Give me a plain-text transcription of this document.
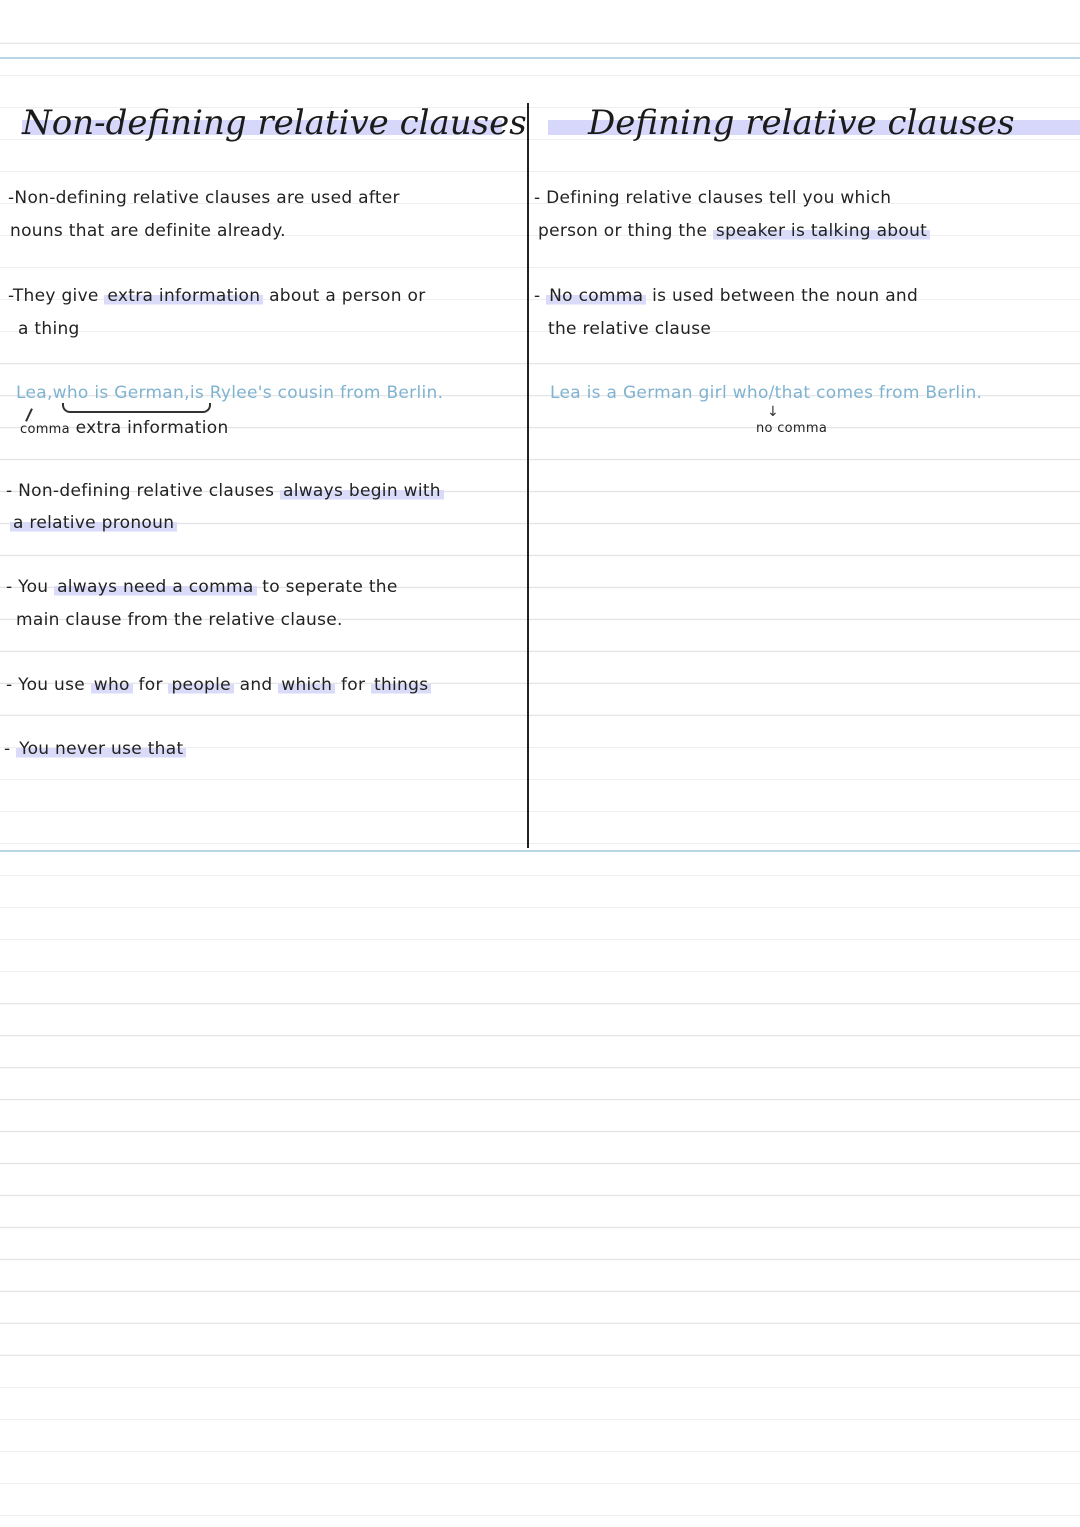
Non-defining relative clauses
-Non-defining relative clauses are used after
nouns that are definite already.
-They give extra information about a person or
a thing
Lea,who is German,is Rylee's cousin from Berlin.
comma extra information
- Non-defining relative clauses always begin with
a relative pronoun
- You always need a comma to seperate the
main clause from the relative clause.
- You use who for people and which for things
- You never use that
Defining relative clauses
- Defining relative clauses tell you which
person or thing the speaker is talking about
- No comma is used between the noun and
the relative clause
Lea is a German girl who/that comes from Berlin.
↓
no comma
